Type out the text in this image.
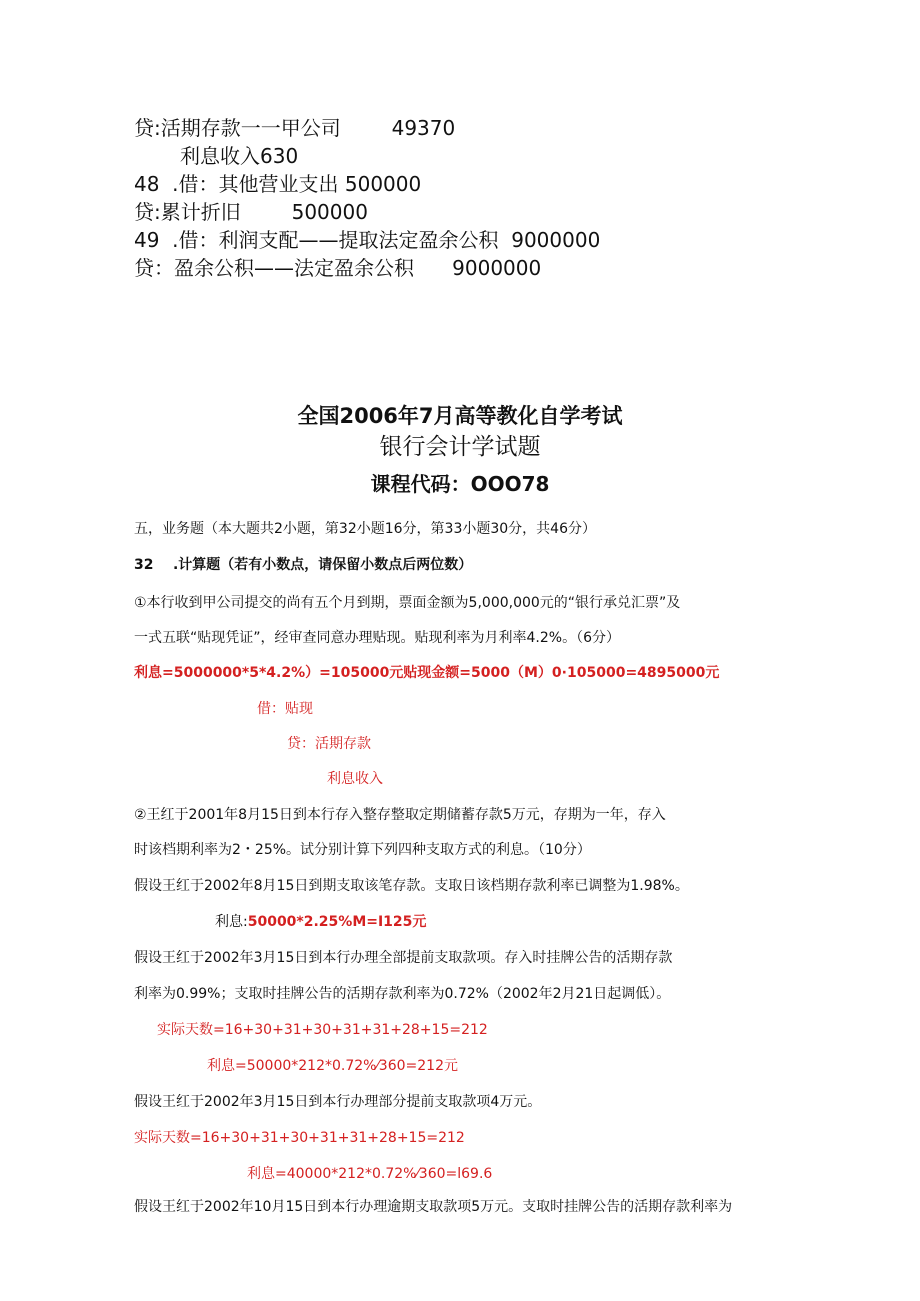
贷:活期存款一一甲公司        49370
利息收入630
48  .借：其他营业支出 500000
贷:累计折旧        500000
49  .借：利润支配——提取法定盈余公积  9000000
贷：盈余公积——法定盈余公积      9000000
全国2006年7月高等教化自学考试
银行会计学试题
课程代码：OOO78
五，业务题（本大题共2小题，第32小题16分，第33小题30分，共46分）
32    .计算题（若有小数点，请保留小数点后两位数）
①本行收到甲公司提交的尚有五个月到期，票面金额为5,000,000元的“银行承兑汇票”及
一式五联“贴现凭证”，经审查同意办理贴现。贴现利率为月利率4.2%。（6分）
利息=5000000*5*4.2%）=105000元贴现金额=5000（M）0·105000=4895000元
借：贴现
贷：活期存款
利息收入
②王红于2001年8月15日到本行存入整存整取定期储蓄存款5万元，存期为一年，存入
时该档期利率为2・25%。试分别计算下列四种支取方式的利息。（10分）
假设王红于2002年8月15日到期支取该笔存款。支取日该档期存款利率已调整为1.98%。
利息:50000*2.25%M=I125元
假设王红于2002年3月15日到本行办理全部提前支取款项。存入时挂牌公告的活期存款
利率为0.99%；支取时挂牌公告的活期存款利率为0.72%（2002年2月21日起调低）。
实际天数=16+30+31+30+31+31+28+15=212
利息=50000*212*0.72%⁄360=212元
假设王红于2002年3月15日到本行办理部分提前支取款项4万元。
实际天数=16+30+31+30+31+31+28+15=212
利息=40000*212*0.72%⁄360=l69.6
假设王红于2002年10月15日到本行办理逾期支取款项5万元。支取时挂牌公告的活期存款利率为
